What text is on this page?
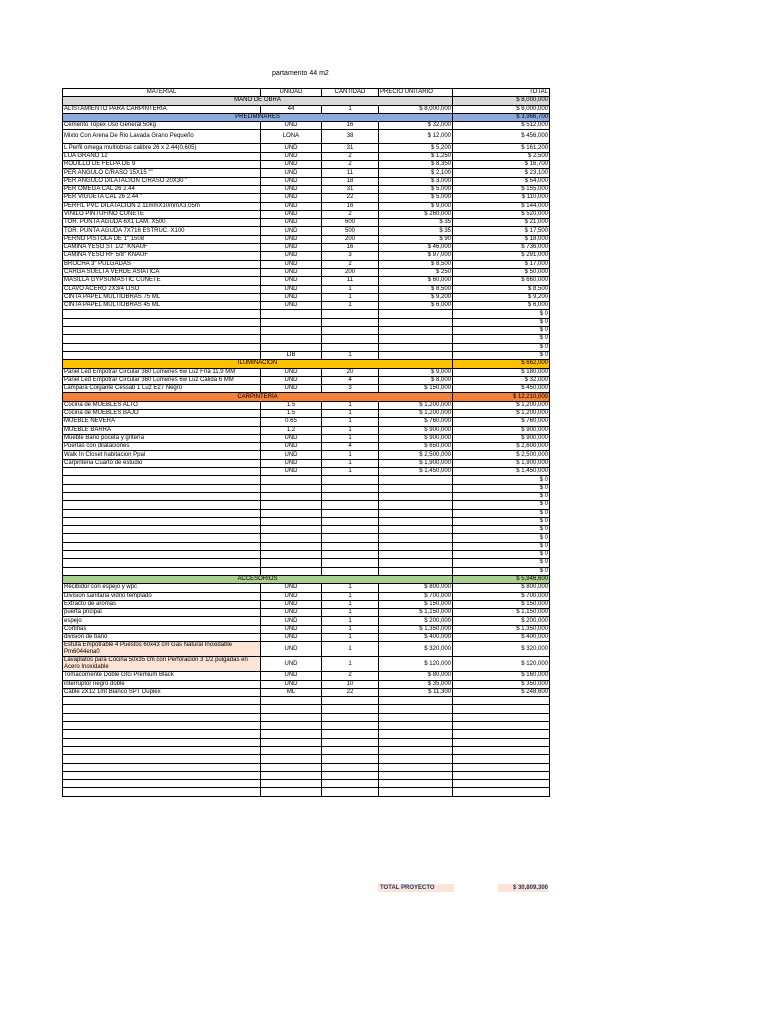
partamento 44 m2
MATERIAL	UNIDAD	CANTIDAD	PRECIO UNITARIO	TOTAL
MANO DE OBRA				$ 8,000,000
ALISTAMIENTO PARA CARPINTERÍA	44	1	$ 8,000,000	$ 8,000,000
PRELIMINARES				$ 3,966,700
Cemento Topex Uso General 50kg	UND	16	$ 32,000	$ 512,000
Mixto Con Arena De Rio Lavada Grano Pequeño	LONA	38	$ 12,000	$ 456,000
L Perfil omega multiobras calibre 26 x 2.44(0.605)	UND	31	$ 5,200	$ 161,200
LIJA GRANO 12	UND	2	$ 1,250	$ 2,500
RODILLO DE FELPA DE 9	UND	2	$ 8,350	$ 16,700
PER ANGULO C/RASO 15X15 ""	UND	11	$ 2,100	$ 23,100
PER ANGULO DILATACION C/RASO 20X30 "	UND	18	$ 3,000	$ 54,000
PER OMEGA CAL 26 2.44	UND	31	$ 5,000	$ 155,000
PER VIGUETA CAL 26 2.44 "	UND	22	$ 5,000	$ 110,000
PERFIL PVC DILATACION 2 11mmX10mmX3.05m	UND	16	$ 9,000	$ 144,000
VINILO PINTUFINO CUÑETE	UND	2	$ 260,000	$ 520,000
TOR. PUNTA AGUDA 6X1 LAM. X500	UND	600	$ 35	$ 21,000
TOR. PUNTA AGUDA 7X716 ESTRUC. X100	UND	500	$ 35	$ 17,500
PERNO PISTOLA DE 1" 1508	UND	200	$ 90	$ 18,000
LAMINA YESO ST 1/2" KNAUF	UND	16	$ 46,000	$ 736,000
LAMINA YESO RF 5/8" KNAUF	UND	3	$ 97,000	$ 291,000
BROCHA 3" PULGADAS	UND	2	$ 8,500	$ 17,000
CARGA SUELTA VERDE ASIATICA	UND	200	$ 250	$ 50,000
MASILLA GYPSUMASTIC CUÑETE	UND	11	$ 60,000	$ 660,000
CLAVO ACERO 2X3/4 LISO	UND	1	$ 8,500	$ 8,500
CINTA PAPEL MULTIOBRAS 75 ML	UND	1	$ 9,200	$ 9,200
CINTA PAPEL MULTIOBRAS 45 ML	UND	1	$ 6,000	$ 6,000
				$ 0
				$ 0
				$ 0
				$ 0
				$ 0
	LIB	1		$ 0
ILUMINACIÓN				$ 662,000
Panel Led Empotrar Circular 360 Lúmenes 6w Luz Fría 11,9 MM	UND	20	$ 9,000	$ 180,000
Panel Led Empotrar Circular 360 Lúmenes 6w Luz Cálida 6 MM	UND	4	$ 8,000	$ 32,000
Lámpara Colgante Cessab 1 Luz E27 Negro	UND	3	$ 150,000	$ 450,000
CARPINTERÍA				$ 12,210,000
Cocina de MUEBLES ALTO	1.5	1	$ 1,200,000	$ 1,200,000
Cocina de MUEBLES BAJO	1.5	1	$ 1,200,000	$ 1,200,000
MUEBLE NEVERA	0.65	1	$ 760,000	$ 760,000
MUEBLE BARRA	1.2	1	$ 900,000	$ 900,000
Mueble Baño poceta y gritería	UND	1	$ 900,000	$ 900,000
Puertas con dilataciones	UND	4	$ 650,000	$ 2,600,000
Walk In Closet habitacion Ppal	UND	1	$ 2,500,000	$ 2,500,000
Carpinteria Cuarto de estudio	UND	1	$ 1,900,000	$ 1,900,000
	UND	1	$ 1,450,000	$ 1,450,000
				$ 0
				$ 0
				$ 0
				$ 0
				$ 0
				$ 0
				$ 0
				$ 0
				$ 0
				$ 0
				$ 0
				$ 0
ACCESORIOS				$ 5,946,600
Recibidor con espejo y wpc	UND	1	$ 800,000	$ 800,000
Division sanitaria vidrio templado	UND	1	$ 700,000	$ 700,000
Extracto de aromas	UND	1	$ 150,000	$ 150,000
puerta pricipal	UND	1	$ 1,150,000	$ 1,150,000
espejo	UND	1	$ 200,000	$ 200,000
Cortinas	UND	1	$ 1,350,000	$ 1,350,000
division de baño	UND	1	$ 400,000	$ 400,000
Estufa Empotrable 4 Puestos 60x43 cm Gas Natural Inoxidable Pm6044ena0	UND	1	$ 320,000	$ 320,000
Lavaplatos para Cocina 50x35 cm con Perforación 3 1/2 pulgadas en Acero Inoxidable	UND	1	$ 120,000	$ 120,000
Tomacorriente Doble Gfci Premium Black	UND	2	$ 80,000	$ 160,000
interruptor negro doble	UND	10	$ 35,000	$ 350,000
Cable 2X12 1mt Blanco SPT Duplex	ML	22	$ 11,300	$ 248,600

TOTAL PROYECTO	$ 30,809,300
